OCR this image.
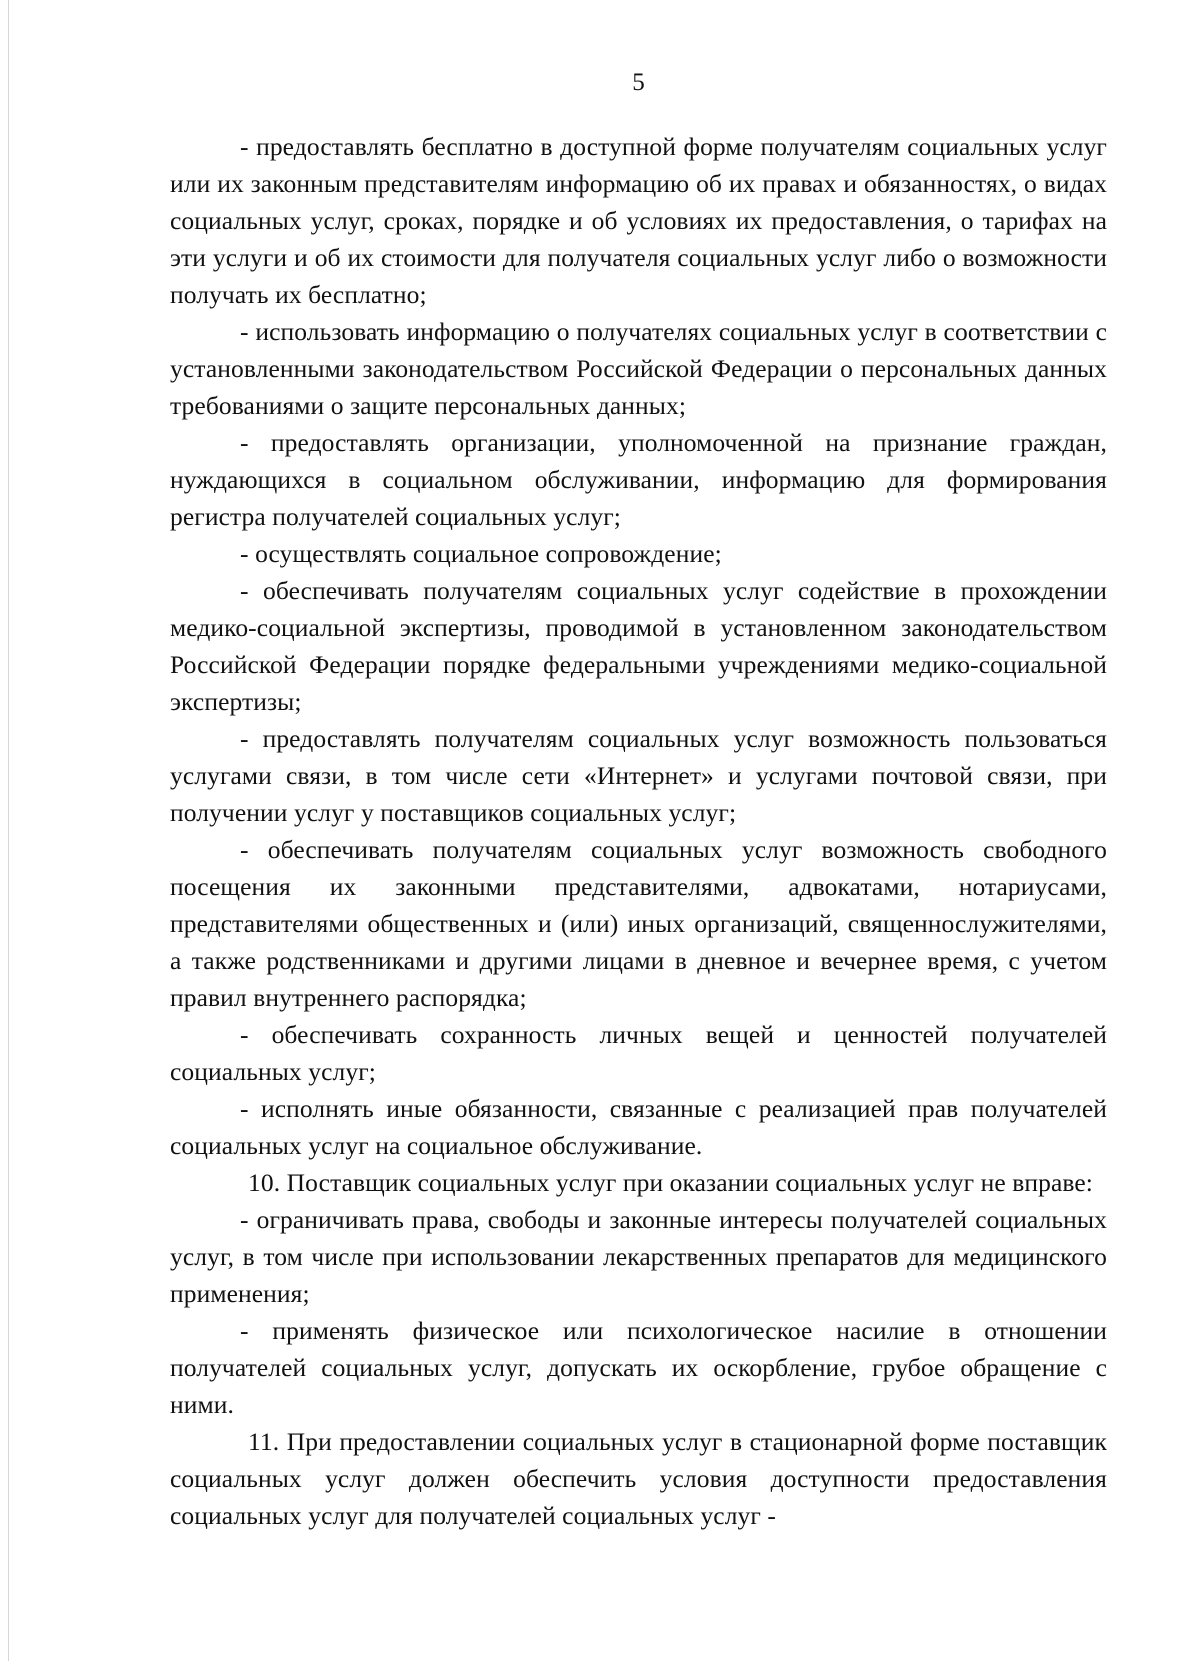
5

- предоставлять бесплатно в доступной форме получателям социальных услуг или их законным представителям информацию об их правах и обязанностях, о видах социальных услуг, сроках, порядке и об условиях их предоставления, о тарифах на эти услуги и об их стоимости для получателя социальных услуг либо о возможности получать их бесплатно;

- использовать информацию о получателях социальных услуг в соответствии с установленными законодательством Российской Федерации о персональных данных требованиями о защите персональных данных;

- предоставлять организации, уполномоченной на признание граждан, нуждающихся в социальном обслуживании, информацию для формирования регистра получателей социальных услуг;

- осуществлять социальное сопровождение;

- обеспечивать получателям социальных услуг содействие в прохождении медико-социальной экспертизы, проводимой в установленном законодательством Российской Федерации порядке федеральными учреждениями медико-социальной экспертизы;

- предоставлять получателям социальных услуг возможность пользоваться услугами связи, в том числе сети «Интернет» и услугами почтовой связи, при получении услуг у поставщиков социальных услуг;

- обеспечивать получателям социальных услуг возможность свободного посещения их законными представителями, адвокатами, нотариусами, представителями общественных и (или) иных организаций, священнослужителями, а также родственниками и другими лицами в дневное и вечернее время, с учетом правил внутреннего распорядка;

- обеспечивать сохранность личных вещей и ценностей получателей социальных услуг;

- исполнять иные обязанности, связанные с реализацией прав получателей социальных услуг на социальное обслуживание.

10. Поставщик социальных услуг при оказании социальных услуг не вправе:

- ограничивать права, свободы и законные интересы получателей социальных услуг, в том числе при использовании лекарственных препаратов для медицинского применения;

- применять физическое или психологическое насилие в отношении получателей социальных услуг, допускать их оскорбление, грубое обращение с ними.

11. При предоставлении социальных услуг в стационарной форме поставщик социальных услуг должен обеспечить условия доступности предоставления социальных услуг для получателей социальных услуг -
